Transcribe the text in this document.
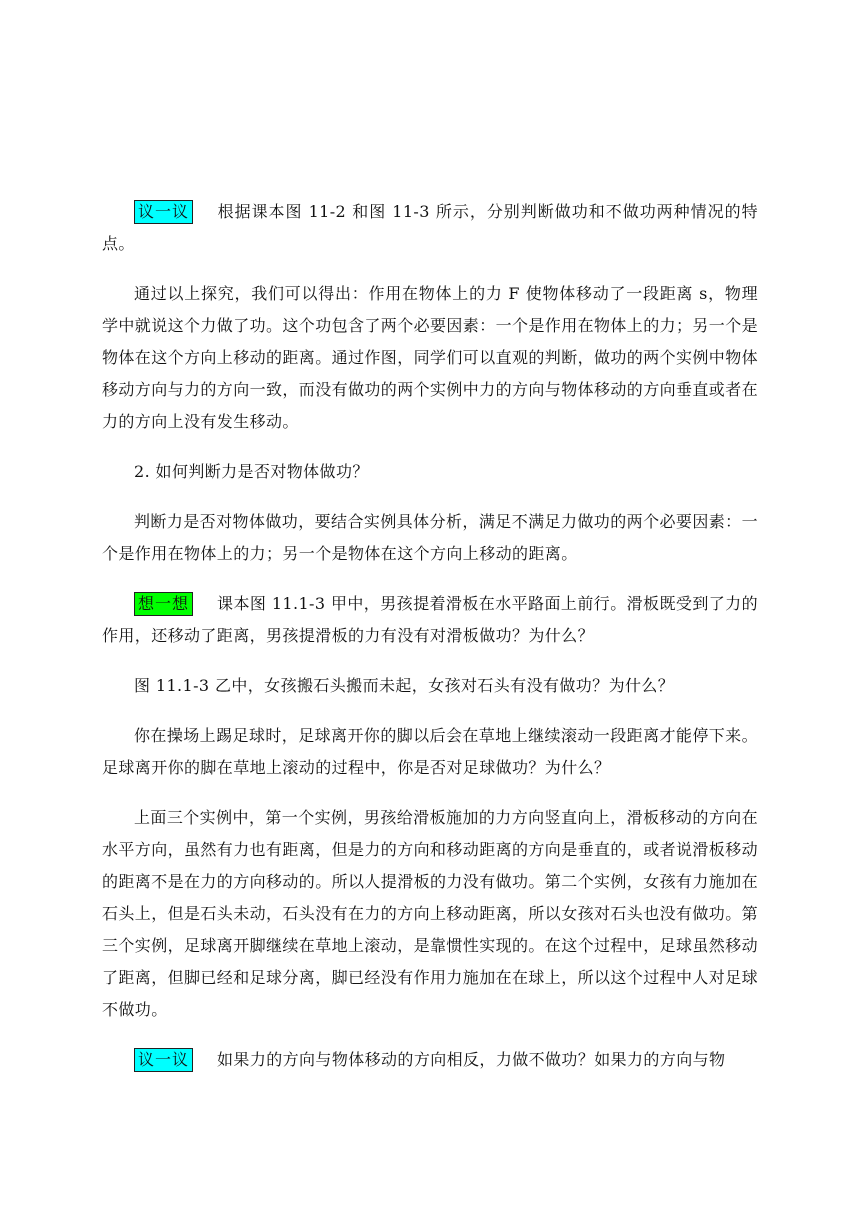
议一议 根据课本图 11-2 和图 11-3 所示，分别判断做功和不做功两种情况的特点。

通过以上探究，我们可以得出：作用在物体上的力 F 使物体移动了一段距离 s，物理学中就说这个力做了功。这个功包含了两个必要因素：一个是作用在物体上的力；另一个是物体在这个方向上移动的距离。通过作图，同学们可以直观的判断，做功的两个实例中物体移动方向与力的方向一致，而没有做功的两个实例中力的方向与物体移动的方向垂直或者在力的方向上没有发生移动。

2. 如何判断力是否对物体做功？

判断力是否对物体做功，要结合实例具体分析，满足不满足力做功的两个必要因素：一个是作用在物体上的力；另一个是物体在这个方向上移动的距离。

想一想 课本图 11.1-3 甲中，男孩提着滑板在水平路面上前行。滑板既受到了力的作用，还移动了距离，男孩提滑板的力有没有对滑板做功？为什么？

图 11.1-3 乙中，女孩搬石头搬而未起，女孩对石头有没有做功？为什么？

你在操场上踢足球时，足球离开你的脚以后会在草地上继续滚动一段距离才能停下来。足球离开你的脚在草地上滚动的过程中，你是否对足球做功？为什么？

上面三个实例中，第一个实例，男孩给滑板施加的力方向竖直向上，滑板移动的方向在水平方向，虽然有力也有距离，但是力的方向和移动距离的方向是垂直的，或者说滑板移动的距离不是在力的方向移动的。所以人提滑板的力没有做功。第二个实例，女孩有力施加在石头上，但是石头未动，石头没有在力的方向上移动距离，所以女孩对石头也没有做功。第三个实例，足球离开脚继续在草地上滚动，是靠惯性实现的。在这个过程中，足球虽然移动了距离，但脚已经和足球分离，脚已经没有作用力施加在在球上，所以这个过程中人对足球不做功。

议一议 如果力的方向与物体移动的方向相反，力做不做功？如果力的方向与物
